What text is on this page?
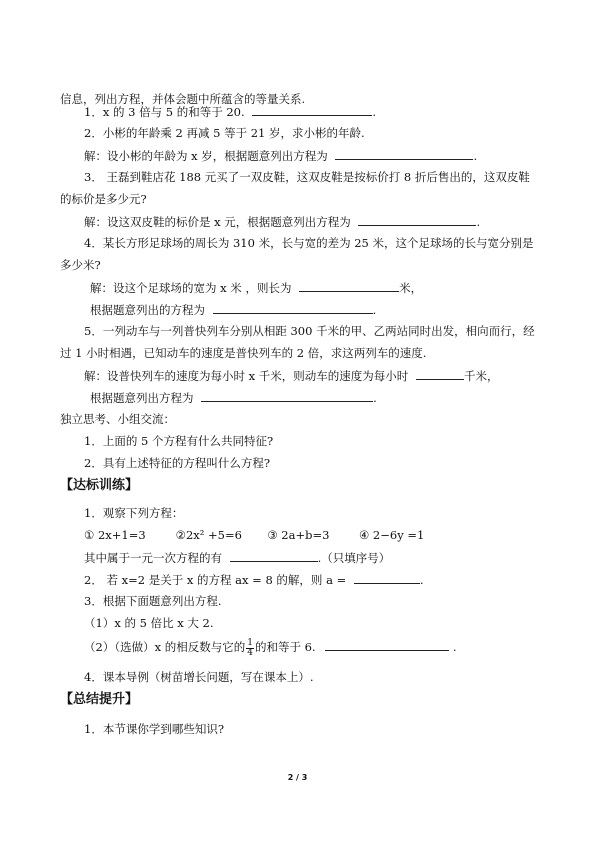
信息，列出方程，并体会题中所蕴含的等量关系.
1．x 的 3 倍与 5 的和等于 20.	.
2．小彬的年龄乘 2 再减 5 等于 21 岁，求小彬的年龄.
解：设小彬的年龄为 x 岁，根据题意列出方程为	.
3． 王磊到鞋店花 188 元买了一双皮鞋，这双皮鞋是按标价打 8 折后售出的，这双皮鞋
的标价是多少元?
解：设这双皮鞋的标价是 x 元，根据题意列出方程为	.
4．某长方形足球场的周长为 310 米，长与宽的差为 25 米，这个足球场的长与宽分别是
多少米?
解：设这个足球场的宽为 x 米 ，则长为	米，
根据题意列出的方程为	.
5．一列动车与一列普快列车分别从相距 300 千米的甲、乙两站同时出发，相向而行，经
过 1 小时相遇，已知动车的速度是普快列车的 2 倍，求这两列车的速度.
解：设普快列车的速度为每小时 x 千米，则动车的速度为每小时	千米，
根据题意列出方程为	.
独立思考、小组交流：
1．上面的 5 个方程有什么共同特征?
2．具有上述特征的方程叫什么方程?
【达标训练】
1．观察下列方程：
① 2x+1=3	②2x² +5=6 ③ 2a+b=3	④ 2−6y =1
其中属于一元一次方程的有	.（只填序号）
2． 若 x=2 是关于 x 的方程 ax = 8 的解，则 a =	.
3．根据下面题意列出方程.
（1）x 的 5 倍比 x 大 2.
（2）（选做）x 的相反数与它的 $\frac{1}{4}$ 的和等于 6.	.
4．课本导例（树苗增长问题，写在课本上）.
【总结提升】
1．本节课你学到哪些知识?
2 / 3
